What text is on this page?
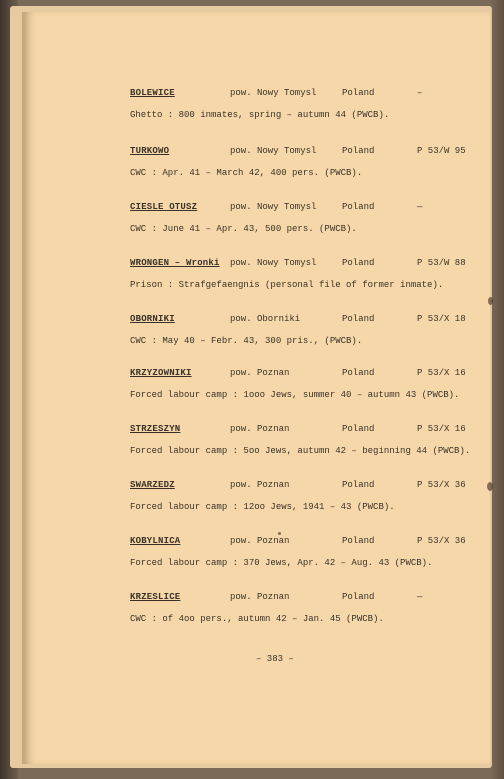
BOLEWICE	pow. Nowy Tomysl	Poland	–
Ghetto : 800 inmates, spring – autumn 44 (PWCB).
TURKOWO	pow. Nowy Tomysl	Poland	P 53/W 95
CWC : Apr. 41 – March 42, 400 pers. (PWCB).
CIESLE OTUSZ	pow. Nowy Tomysl	Poland	—
CWC : June 41 – Apr. 43, 500 pers. (PWCB).
WRONGEN – Wronki pow. Nowy Tomysl	Poland	P 53/W 88
Prison : Strafgefaengnis (personal file of former inmate).
OBORNIKI	pow. Oborniki	Poland	P 53/X 18
CWC : May 40 – Febr. 43, 300 pris., (PWCB).
KRZYZOWNIKI	pow. Poznan	Poland	P 53/X 16
Forced labour camp : 1ooo Jews, summer 40 – autumn 43 (PWCB).
STRZESZYN	pow. Poznan	Poland	P 53/X 16
Forced labour camp : 5oo Jews, autumn 42 – beginning 44 (PWCB).
SWARZEDZ	pow. Poznan	Poland	P 53/X 36
Forced labour camp : 12oo Jews, 1941 – 43 (PWCB).
KOBYLNICA	pow. Poznan	Poland	P 53/X 36
Forced labour camp : 370 Jews, Apr. 42 – Aug. 43 (PWCB).
KRZESLICE	pow. Poznan	Poland	—
CWC : of 4oo pers., autumn 42 – Jan. 45 (PWCB).
– 383 –
